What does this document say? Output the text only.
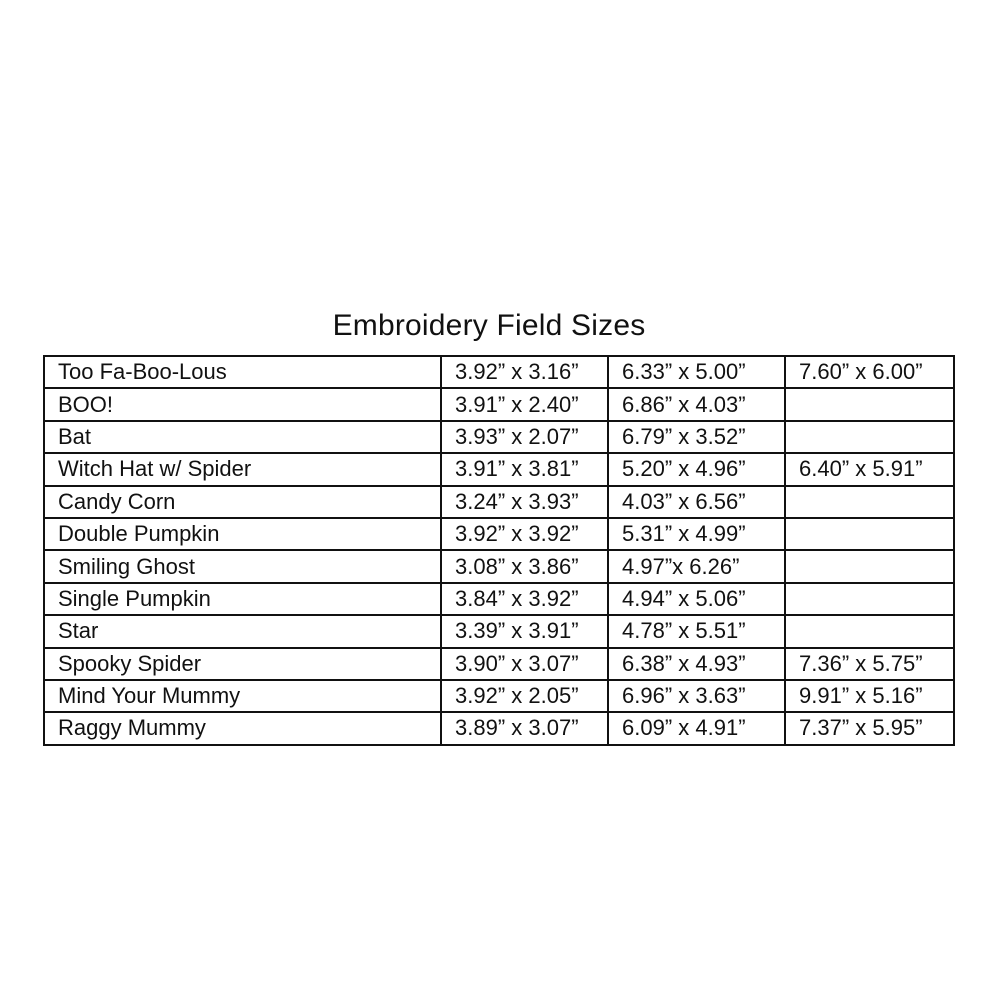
Embroidery Field Sizes
Too Fa-Boo-Lous	3.92” x 3.16”	6.33” x 5.00”	7.60” x 6.00”
BOO!	3.91” x 2.40”	6.86” x 4.03”	
Bat	3.93” x 2.07”	6.79” x 3.52”	
Witch Hat w/ Spider	3.91” x 3.81”	5.20” x 4.96”	6.40” x 5.91”
Candy Corn	3.24” x 3.93”	4.03” x 6.56”	
Double Pumpkin	3.92” x 3.92”	5.31” x 4.99”	
Smiling Ghost	3.08” x 3.86”	4.97”x 6.26”	
Single Pumpkin	3.84” x 3.92”	4.94” x 5.06”	
Star	3.39” x 3.91”	4.78” x 5.51”	
Spooky Spider	3.90” x 3.07”	6.38” x 4.93”	7.36” x 5.75”
Mind Your Mummy	3.92” x 2.05”	6.96” x 3.63”	9.91” x 5.16”
Raggy Mummy	3.89” x 3.07”	6.09” x 4.91”	7.37” x 5.95”
